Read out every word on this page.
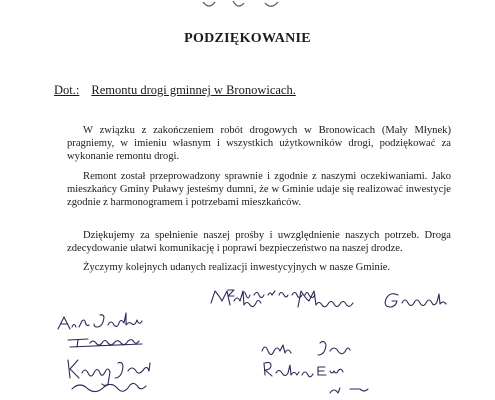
PODZIĘKOWANIE
Dot.: Remontu drogi gminnej w Bronowicach.

W związku z zakończeniem robót drogowych w Bronowicach (Mały Młynek) pragniemy, w imieniu własnym i wszystkich użytkowników drogi, podziękować za wykonanie remontu drogi.

Remont został przeprowadzony sprawnie i zgodnie z naszymi oczekiwaniami. Jako mieszkańcy Gminy Puławy jesteśmy dumni, że w Gminie udaje się realizować inwestycje zgodnie z harmonogramem i potrzebami mieszkańców.

Dziękujemy za spełnienie naszej prośby i uwzględnienie naszych potrzeb. Droga zdecydowanie ułatwi komunikację i poprawi bezpieczeństwo na naszej drodze.

Życzymy kolejnych udanych realizacji inwestycyjnych w nasze Gminie.
